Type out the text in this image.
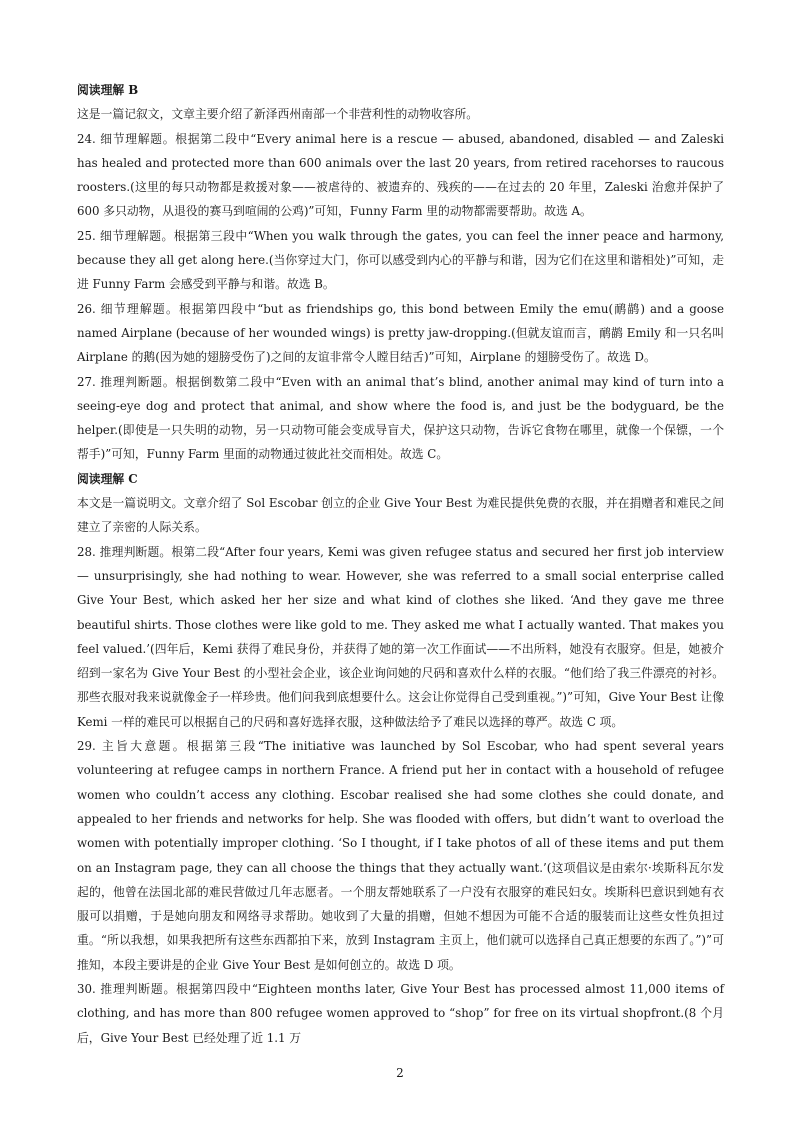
阅读理解 B

这是一篇记叙文，文章主要介绍了新泽西州南部一个非营利性的动物收容所。

24. 细节理解题。根据第二段中“Every animal here is a rescue — abused, abandoned, disabled — and Zaleski has healed and protected more than 600 animals over the last 20 years, from retired racehorses to raucous roosters.(这里的每只动物都是救援对象——被虐待的、被遗弃的、残疾的——在过去的 20 年里，Zaleski 治愈并保护了 600 多只动物，从退役的赛马到喧闹的公鸡)”可知，Funny Farm 里的动物都需要帮助。故选 A。

25. 细节理解题。根据第三段中“When you walk through the gates, you can feel the inner peace and harmony, because they all get along here.(当你穿过大门，你可以感受到内心的平静与和谐，因为它们在这里和谐相处)”可知，走进 Funny Farm 会感受到平静与和谐。故选 B。

26. 细节理解题。根据第四段中“but as friendships go, this bond between Emily the emu(鸸鹋) and a goose named Airplane (because of her wounded wings) is pretty jaw-dropping.(但就友谊而言，鸸鹋 Emily 和一只名叫 Airplane 的鹅(因为她的翅膀受伤了)之间的友谊非常令人瞠目结舌)”可知，Airplane 的翅膀受伤了。故选 D。

27. 推理判断题。根据倒数第二段中“Even with an animal that’s blind, another animal may kind of turn into a seeing-eye dog and protect that animal, and show where the food is, and just be the bodyguard, be the helper.(即使是一只失明的动物，另一只动物可能会变成导盲犬，保护这只动物，告诉它食物在哪里，就像一个保镖，一个帮手)”可知，Funny Farm 里面的动物通过彼此社交而相处。故选 C。

阅读理解 C

本文是一篇说明文。文章介绍了 Sol Escobar 创立的企业 Give Your Best 为难民提供免费的衣服，并在捐赠者和难民之间建立了亲密的人际关系。

28. 推理判断题。根第二段“After four years, Kemi was given refugee status and secured her first job interview — unsurprisingly, she had nothing to wear. However, she was referred to a small social enterprise called Give Your Best, which asked her her size and what kind of clothes she liked. ‘And they gave me three beautiful shirts. Those clothes were like gold to me. They asked me what I actually wanted. That makes you feel valued.’(四年后，Kemi 获得了难民身份，并获得了她的第一次工作面试——不出所料，她没有衣服穿。但是，她被介绍到一家名为 Give Your Best 的小型社会企业，该企业询问她的尺码和喜欢什么样的衣服。“他们给了我三件漂亮的衬衫。那些衣服对我来说就像金子一样珍贵。他们问我到底想要什么。这会让你觉得自己受到重视。”)”可知，Give Your Best 让像 Kemi 一样的难民可以根据自己的尺码和喜好选择衣服，这种做法给予了难民以选择的尊严。故选 C 项。

29. 主旨大意题。根据第三段“The initiative was launched by Sol Escobar, who had spent several years volunteering at refugee camps in northern France. A friend put her in contact with a household of refugee women who couldn’t access any clothing. Escobar realised she had some clothes she could donate, and appealed to her friends and networks for help. She was flooded with offers, but didn’t want to overload the women with potentially improper clothing. ‘So I thought, if I take photos of all of these items and put them on an Instagram page, they can all choose the things that they actually want.’(这项倡议是由索尔·埃斯科瓦尔发起的，他曾在法国北部的难民营做过几年志愿者。一个朋友帮她联系了一户没有衣服穿的难民妇女。埃斯科巴意识到她有衣服可以捐赠，于是她向朋友和网络寻求帮助。她收到了大量的捐赠，但她不想因为可能不合适的服装而让这些女性负担过重。“所以我想，如果我把所有这些东西都拍下来，放到 Instagram 主页上，他们就可以选择自己真正想要的东西了。”)”可推知，本段主要讲是的企业 Give Your Best 是如何创立的。故选 D 项。

30. 推理判断题。根据第四段中“Eighteen months later, Give Your Best has processed almost 11,000 items of clothing, and has more than 800 refugee women approved to “shop” for free on its virtual shopfront.(8 个月后，Give Your Best 已经处理了近 1.1 万

2
